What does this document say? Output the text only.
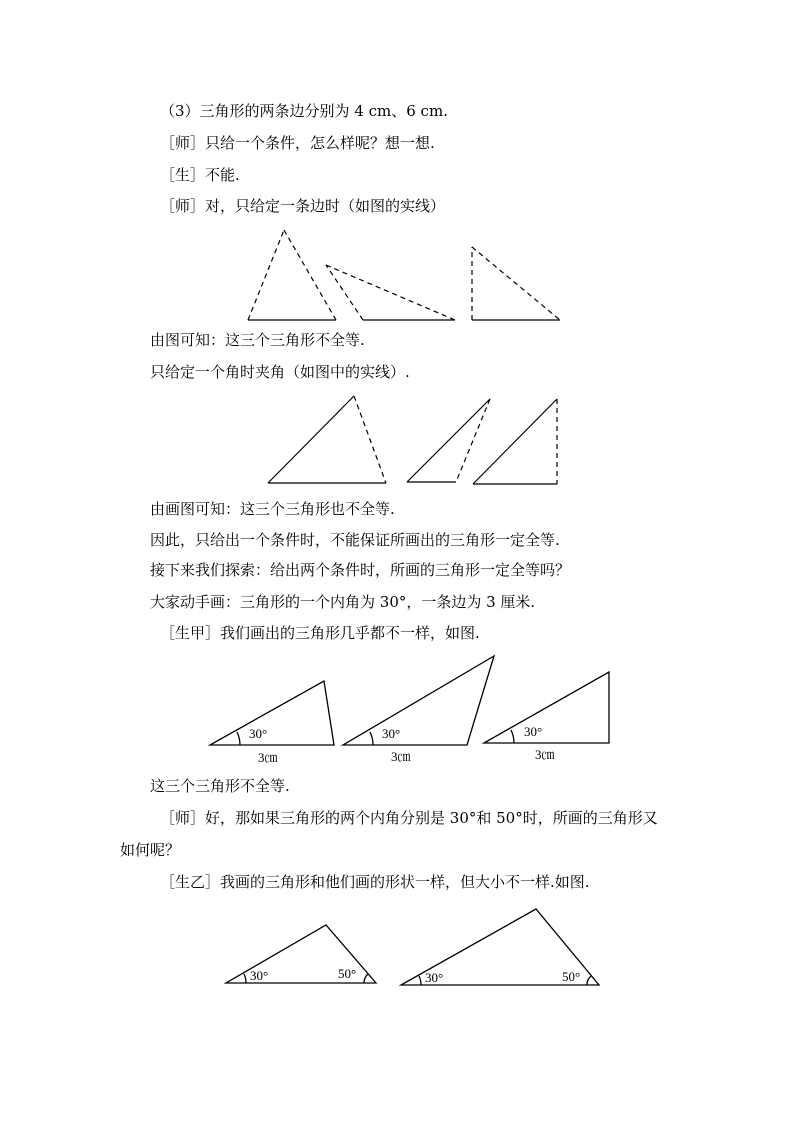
（3）三角形的两条边分别为 4 cm、6 cm.
［师］只给一个条件，怎么样呢？想一想.
［生］不能.
［师］对，只给定一条边时（如图的实线）
由图可知：这三个三角形不全等.
只给定一个角时夹角（如图中的实线）.
由画图可知：这三个三角形也不全等.
因此，只给出一个条件时，不能保证所画出的三角形一定全等.
接下来我们探索：给出两个条件时，所画的三角形一定全等吗？
大家动手画：三角形的一个内角为 30°，一条边为 3 厘米.
［生甲］我们画出的三角形几乎都不一样，如图.
30°
3㎝
30°
3㎝
30°
3㎝
这三个三角形不全等.
［师］好，那如果三角形的两个内角分别是 30°和 50°时，所画的三角形又
如何呢？
［生乙］我画的三角形和他们画的形状一样，但大小不一样.如图.
30°	50°	30°	50°
